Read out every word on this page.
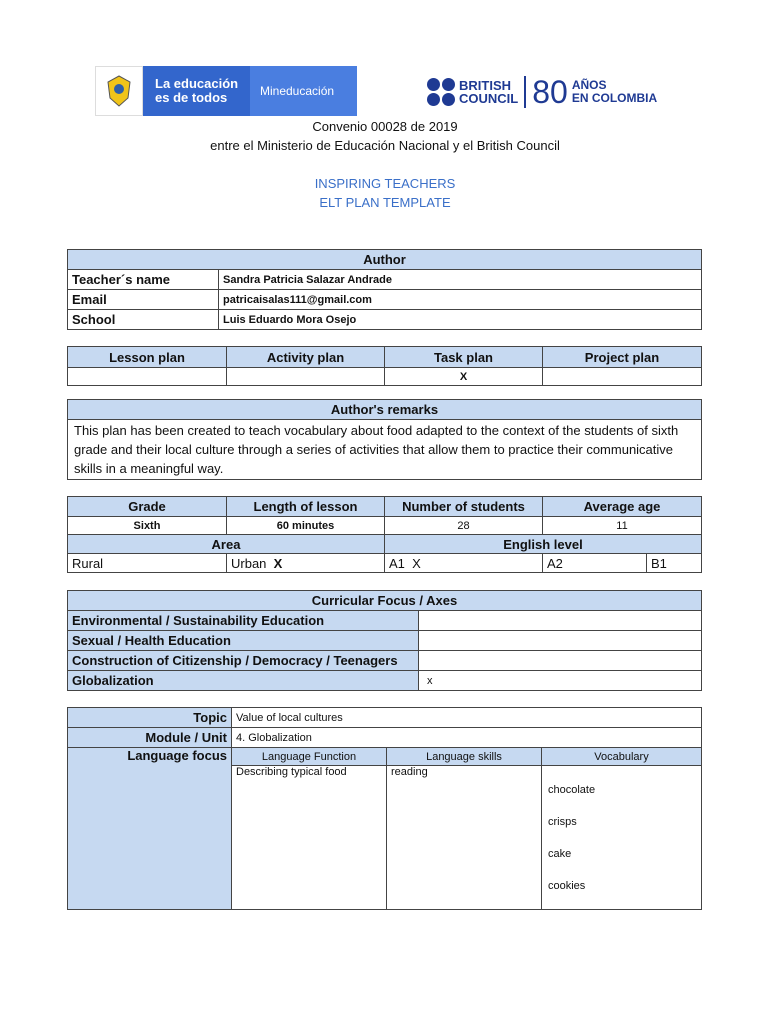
La educación
es de todos	Mineducación	BRITISH
COUNCIL 80 AÑOS
EN COLOMBIA
Convenio 00028 de 2019
entre el Ministerio de Educación Nacional y el British Council
INSPIRING TEACHERS
ELT PLAN TEMPLATE
Author	
Teacher´s name	Sandra Patricia Salazar Andrade
Email	patricaisalas111@gmail.com
School	Luis Eduardo Mora Osejo
Lesson plan	Activity plan	Task plan	Project plan
		X	
Author's remarks
This plan has been created to teach vocabulary about food adapted to the context of the students of sixth grade and their local culture through a series of activities that allow them to practice their communicative skills in a meaningful way.
Grade	Length of lesson	Number of students	Average age	
Sixth	60 minutes	28	11	
Area		English level		
Rural	Urban X	A1 X	A2	B1
Curricular Focus / Axes	
Environmental / Sustainability Education	
Sexual / Health Education	
Construction of Citizenship / Democracy / Teenagers	
Globalization	x
Topic	Value of local cultures		
Module / Unit	4. Globalization		
Language focus	Language Function	Language skills	Vocabulary
	Describing typical food	reading	chocolate
crisps
cake
cookies
